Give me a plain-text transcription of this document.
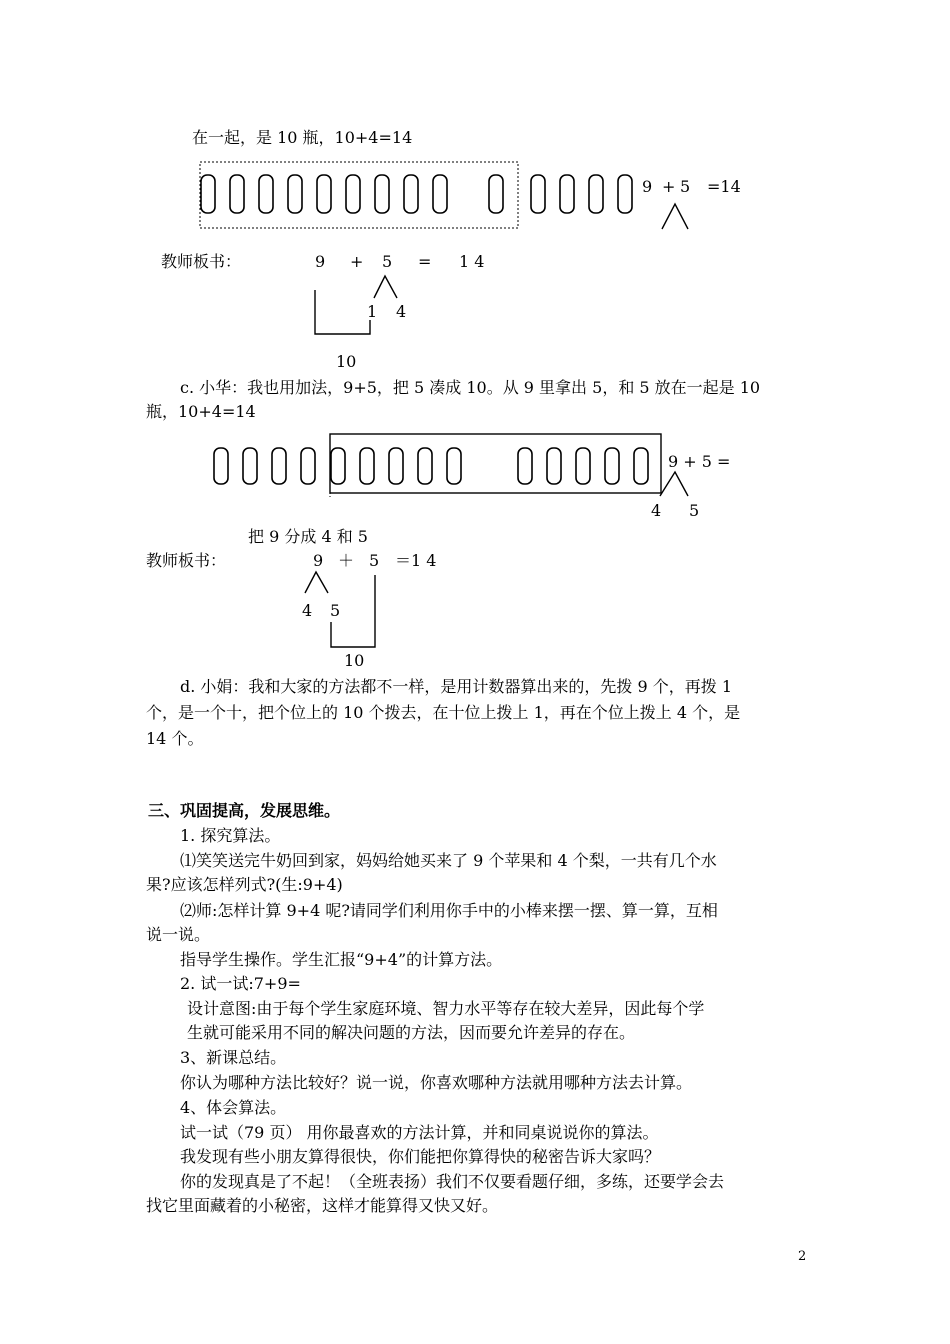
在一起，是 10 瓶，10+4=14
9 + 5 =14
教师板书：	9 + 5 = 1 4
1 4
10
c. 小华：我也用加法，9+5，把 5 凑成 10。从 9 里拿出 5，和 5 放在一起是 10
瓶，10+4=14
9 + 5 =
4 5
把 9 分成 4 和 5
教师板书：	9 ＋ 5 ＝1 4
4 5
10
d. 小娟：我和大家的方法都不一样，是用计数器算出来的，先拨 9 个，再拨 1
个，是一个十，把个位上的 10 个拨去，在十位上拨上 1，再在个位上拨上 4 个，是
14 个。
三、巩固提高，发展思维。
1. 探究算法。
⑴笑笑送完牛奶回到家，妈妈给她买来了 9 个苹果和 4 个梨，一共有几个水
果?应该怎样列式?(生:9+4)
⑵师:怎样计算 9+4 呢?请同学们利用你手中的小棒来摆一摆、算一算，互相
说一说。
指导学生操作。学生汇报“9+4”的计算方法。
2. 试一试:7+9=
设计意图:由于每个学生家庭环境、智力水平等存在较大差异，因此每个学
生就可能采用不同的解决问题的方法，因而要允许差异的存在。
3、新课总结。
你认为哪种方法比较好？说一说，你喜欢哪种方法就用哪种方法去计算。
4、体会算法。
试一试（79 页） 用你最喜欢的方法计算，并和同桌说说你的算法。
我发现有些小朋友算得很快，你们能把你算得快的秘密告诉大家吗？
你的发现真是了不起！（全班表扬）我们不仅要看题仔细，多练，还要学会去
找它里面藏着的小秘密，这样才能算得又快又好。
2
